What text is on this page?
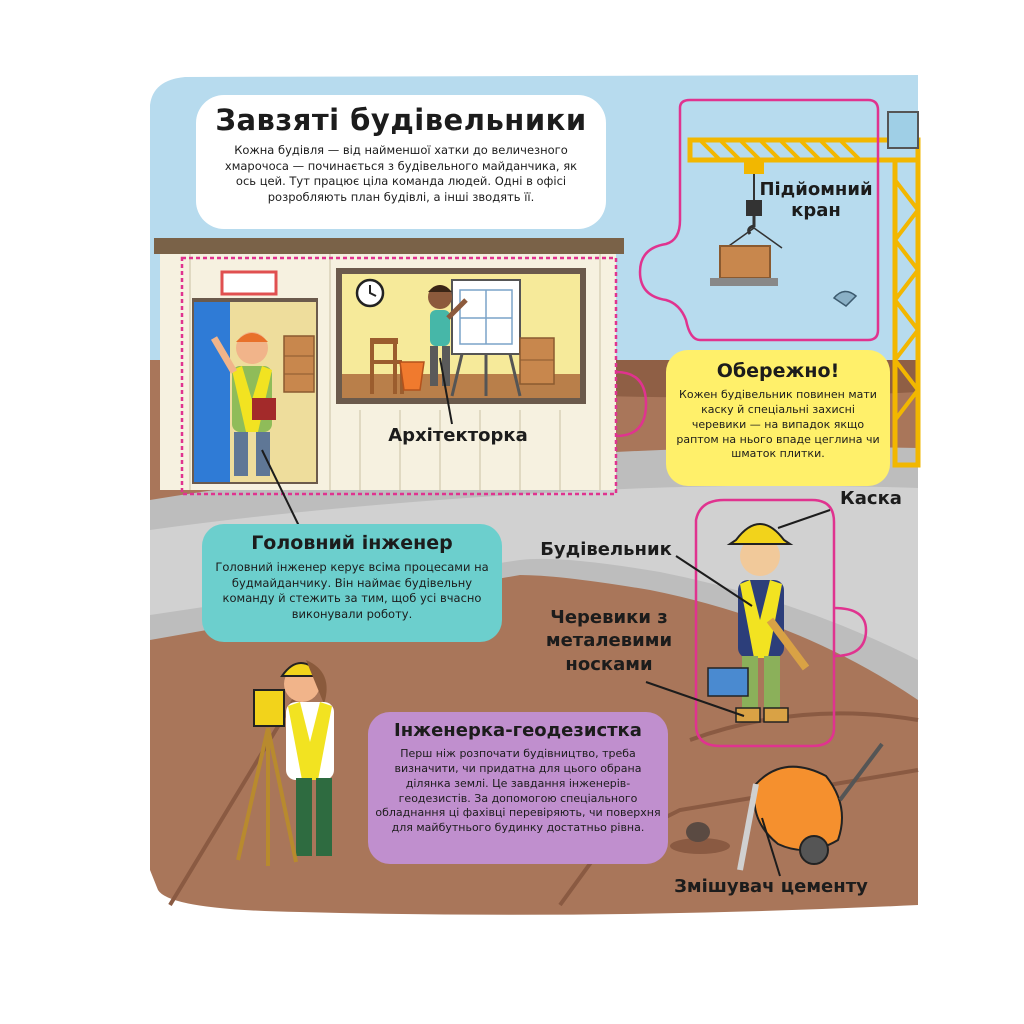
Завзяті будівельники
Кожна будівля — від найменшої хатки до величезного хмарочоса — починається з будівельного майданчика, як ось цей. Тут працює ціла команда людей. Одні в офісі розробляють план будівлі, а інші зводять її.	Підйомний кран
Архітекторка
Обережно!
Кожен будівельник повинен мати каску й спеціальні захисні черевики — на випадок якщо раптом на нього впаде цеглина чи шматок плитки.
Каска
Будівельник
Черевики з металевими носками
Головний інженер
Головний інженер керує всіма процесами на будмайданчику. Він наймає будівельну команду й стежить за тим, щоб усі вчасно виконували роботу.
Інженерка-геодезистка
Перш ніж розпочати будівництво, треба визначити, чи придатна для цього обрана ділянка землі. Це завдання інженерів-геодезистів. За допомогою спеціального обладнання ці фахівці перевіряють, чи поверхня для майбутнього будинку достатньо рівна.
Змішувач цементу
